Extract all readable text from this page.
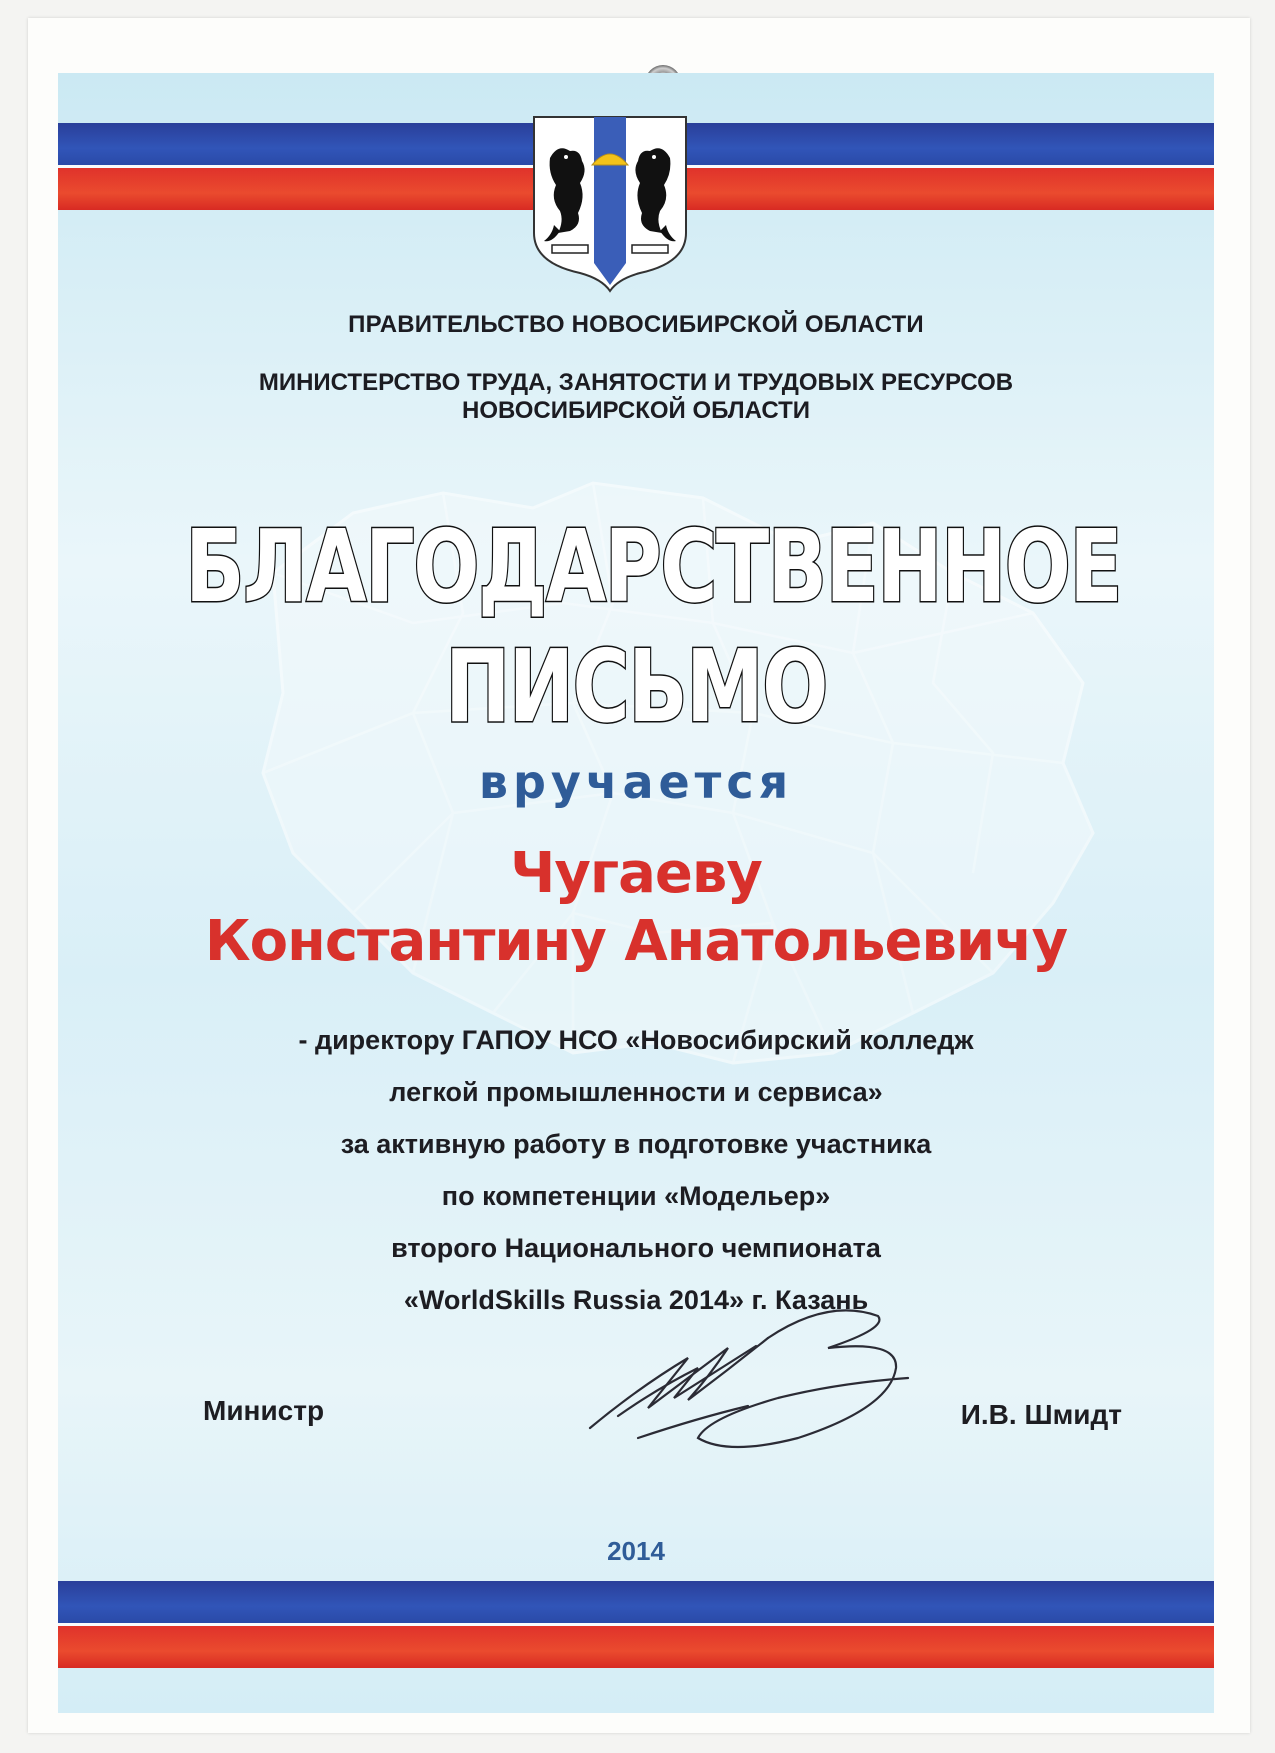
ПРАВИТЕЛЬСТВО НОВОСИБИРСКОЙ ОБЛАСТИ
МИНИСТЕРСТВО ТРУДА, ЗАНЯТОСТИ И ТРУДОВЫХ РЕСУРСОВ
НОВОСИБИРСКОЙ ОБЛАСТИ
БЛАГОДАРСТВЕННОЕ
ПИСЬМО
вручается
Чугаеву
Константину Анатольевичу
- директору ГАПОУ НСО «Новосибирский колледж
легкой промышленности и сервиса»
за активную работу в подготовке участника
по компетенции «Модельер»
второго Национального чемпионата
«WorldSkills Russia 2014» г. Казань
Министр	И.В. Шмидт
2014
